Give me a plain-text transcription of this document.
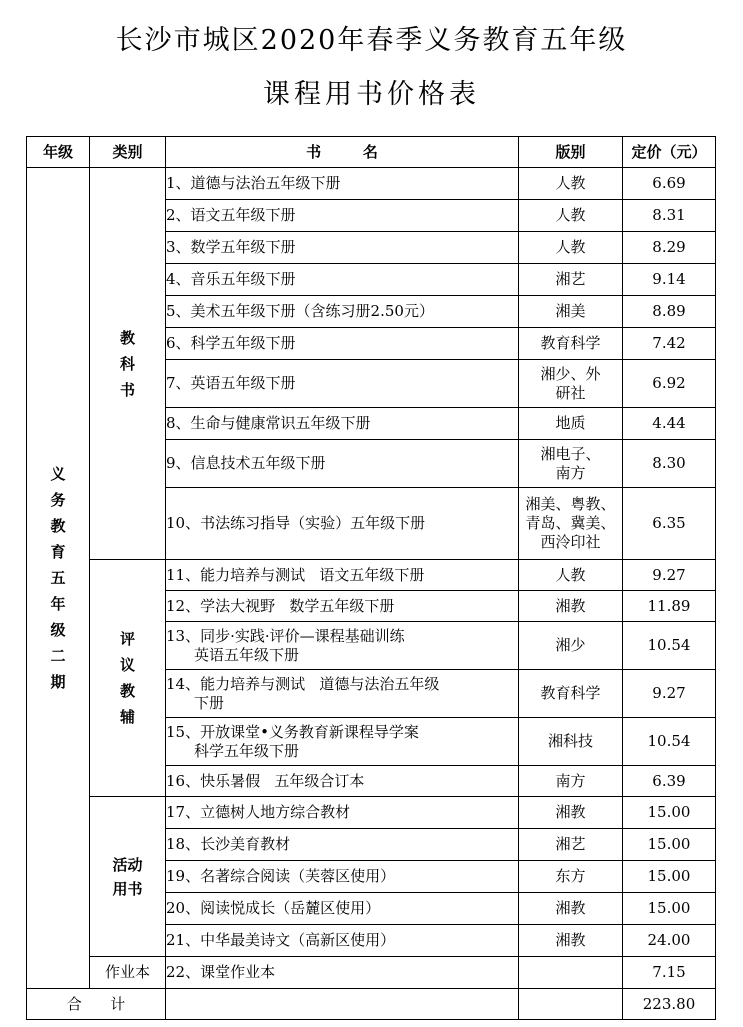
长沙市城区2020年春季义务教育五年级
课程用书价格表
年级	类别	书        名	版别	定价（元）
义务教育五年级二期	教科书	1、道德与法治五年级下册	人教	6.69
		2、语文五年级下册	人教	8.31
		3、数学五年级下册	人教	8.29
		4、音乐五年级下册	湘艺	9.14
		5、美术五年级下册（含练习册2.50元）	湘美	8.89
		6、科学五年级下册	教育科学	7.42
		7、英语五年级下册	湘少、外研社	6.92
		8、生命与健康常识五年级下册	地质	4.44
		9、信息技术五年级下册	湘电子、南方	8.30
		10、书法练习指导（实验）五年级下册	湘美、粤教、青岛、冀美、西泠印社	6.35
	评议教辅	11、能力培养与测试   语文五年级下册	人教	9.27
		12、学法大视野   数学五年级下册	湘教	11.89

		13、同步·实践·评价—课程基础训练
英语五年级下册	湘少	10.54

		14、能力培养与测试   道德与法治五年级
下册	教育科学	9.27

		15、开放课堂•义务教育新课程导学案
科学五年级下册	湘科技	10.54
		16、快乐暑假   五年级合订本	南方	6.39
	活动用书	17、立德树人地方综合教材	湘教	15.00
		18、长沙美育教材	湘艺	15.00
		19、名著综合阅读（芙蓉区使用）	东方	15.00
		20、阅读悦成长（岳麓区使用）	湘教	15.00
		21、中华最美诗文（高新区使用）	湘教	24.00
	作业本	22、课堂作业本		7.15
合      计				223.80
